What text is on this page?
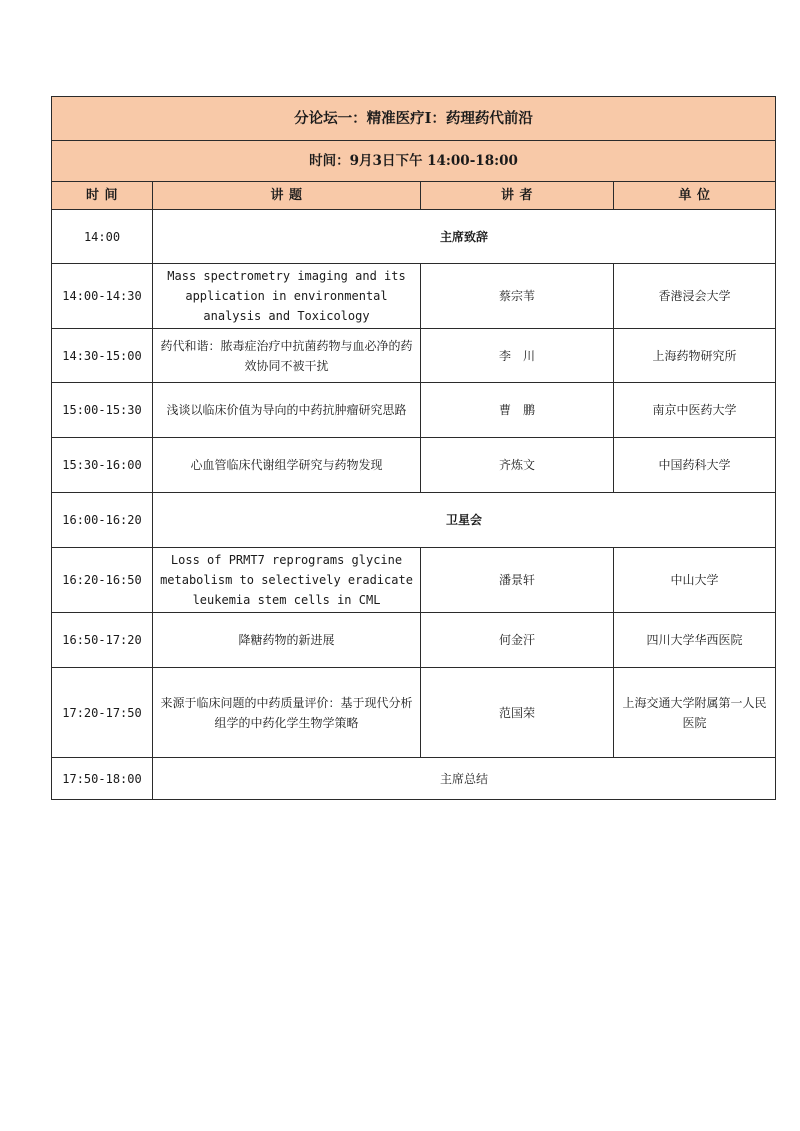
分论坛一：精准医疗Ⅰ：药理药代前沿			
时间：9月3日下午 14:00-18:00			
时 间	讲 题	讲 者	单 位
14:00	主席致辞		
14:00-14:30	Mass spectrometry imaging and its application in environmental analysis and Toxicology	蔡宗苇	香港浸会大学
14:30-15:00	药代和谐：脓毒症治疗中抗菌药物与血必净的药效协同不被干扰	李　川	上海药物研究所
15:00-15:30	浅谈以临床价值为导向的中药抗肿瘤研究思路	曹　鹏	南京中医药大学
15:30-16:00	心血管临床代谢组学研究与药物发现	齐炼文	中国药科大学
16:00-16:20	卫星会		
16:20-16:50	Loss of PRMT7 reprograms glycine metabolism to selectively eradicate leukemia stem cells in CML	潘景轩	中山大学
16:50-17:20	降糖药物的新进展	何金汗	四川大学华西医院
17:20-17:50	来源于临床问题的中药质量评价：基于现代分析组学的中药化学生物学策略	范国荣	上海交通大学附属第一人民医院
17:50-18:00	主席总结		
